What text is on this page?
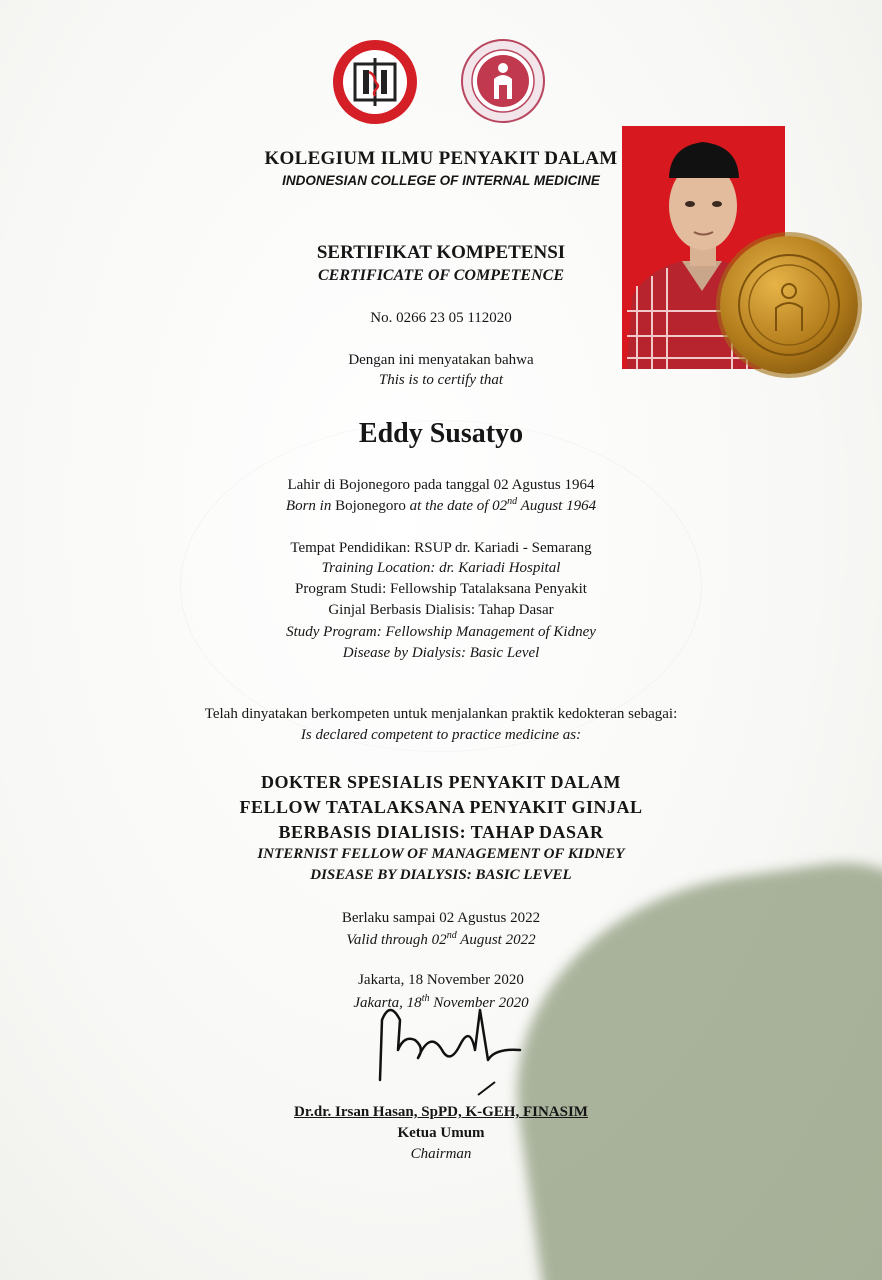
KOLEGIUM ILMU PENYAKIT DALAM
INDONESIAN COLLEGE OF INTERNAL MEDICINE
SERTIFIKAT KOMPETENSI
CERTIFICATE OF COMPETENCE
No. 0266 23 05 112020
Dengan ini menyatakan bahwa
This is to certify that
Eddy Susatyo
Lahir di Bojonegoro pada tanggal 02 Agustus 1964
Born in Bojonegoro at the date of 02nd August 1964
Tempat Pendidikan: RSUP dr. Kariadi - Semarang
Training Location: dr. Kariadi Hospital
Program Studi: Fellowship Tatalaksana Penyakit
Ginjal Berbasis Dialisis: Tahap Dasar
Study Program: Fellowship Management of Kidney
Disease by Dialysis: Basic Level
Telah dinyatakan berkompeten untuk menjalankan praktik kedokteran sebagai:
Is declared competent to practice medicine as:
DOKTER SPESIALIS PENYAKIT DALAM
FELLOW TATALAKSANA PENYAKIT GINJAL
BERBASIS DIALISIS: TAHAP DASAR
INTERNIST FELLOW OF MANAGEMENT OF KIDNEY
DISEASE BY DIALYSIS: BASIC LEVEL
Berlaku sampai 02 Agustus 2022
Valid through 02nd August 2022
Jakarta, 18 November 2020
Jakarta, 18th November 2020
Dr.dr. Irsan Hasan, SpPD, K-GEH, FINASIM
Ketua Umum
Chairman
